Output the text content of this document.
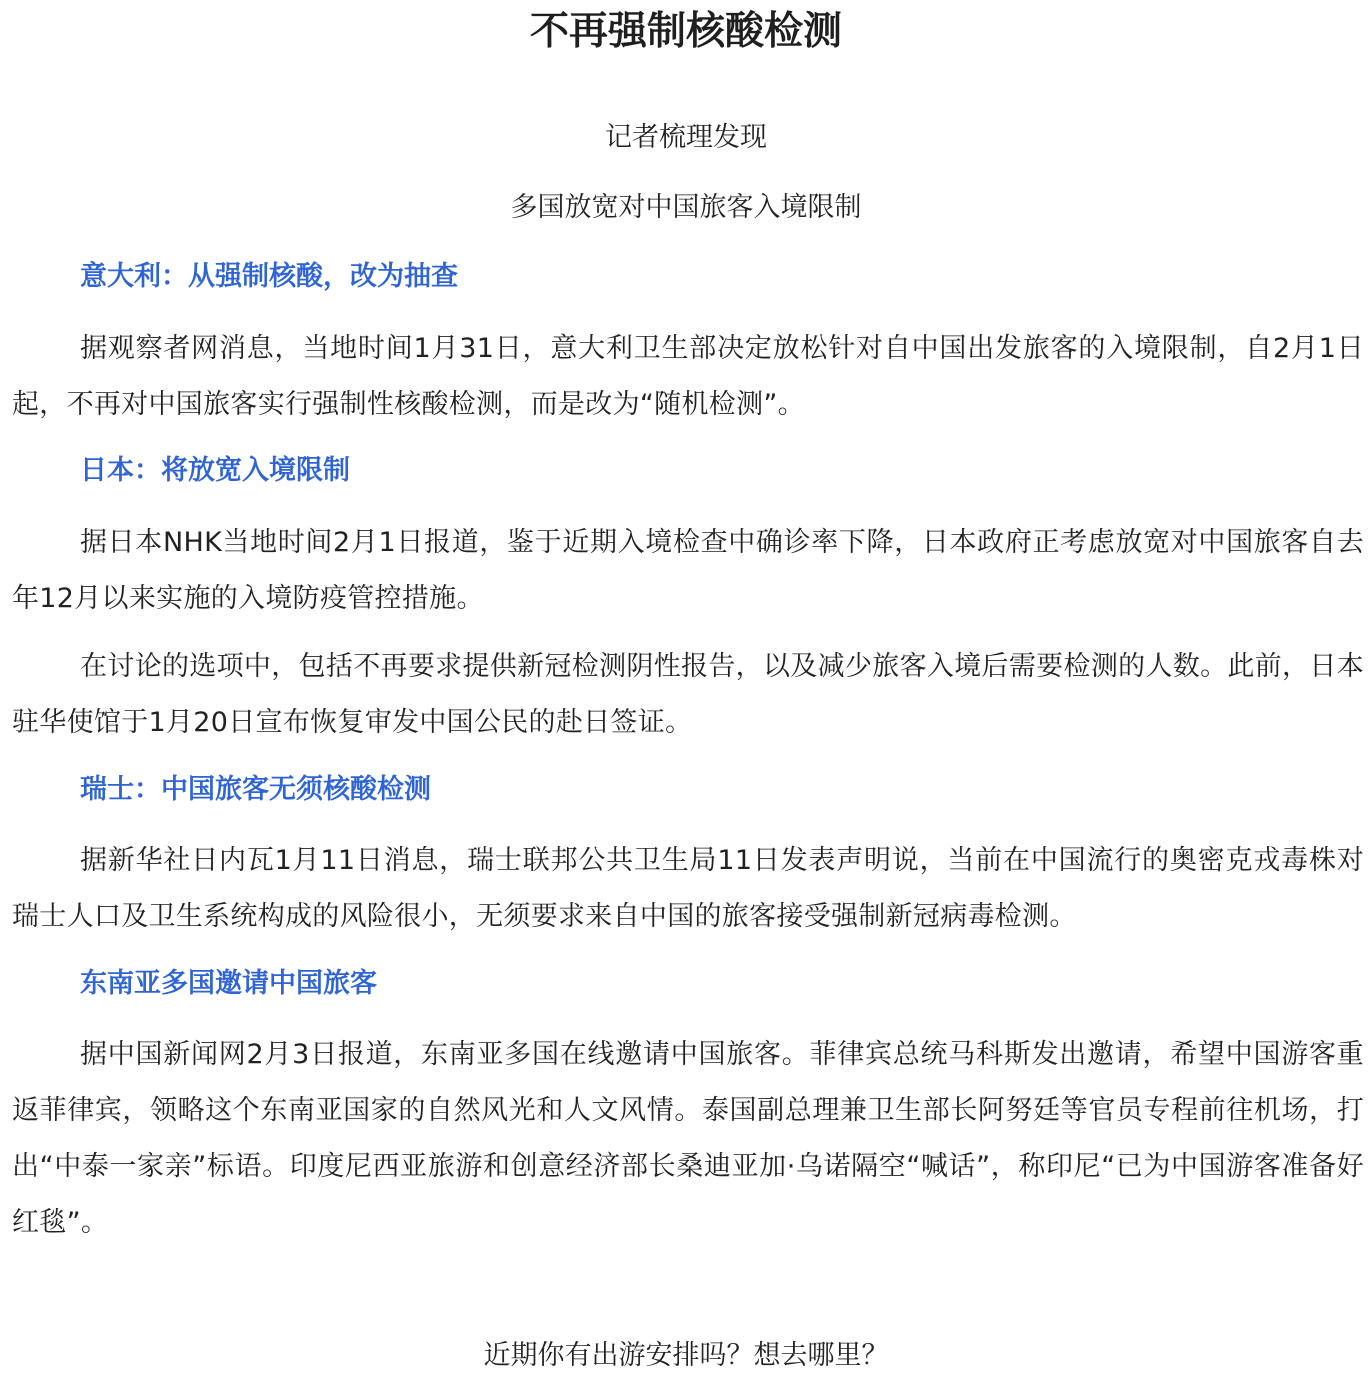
不再强制核酸检测

记者梳理发现

多国放宽对中国旅客入境限制

意大利：从强制核酸，改为抽查

据观察者网消息，当地时间1月31日，意大利卫生部决定放松针对自中国出发旅客的入境限制，自2月1日起，不再对中国旅客实行强制性核酸检测，而是改为“随机检测”。

日本：将放宽入境限制

据日本NHK当地时间2月1日报道，鉴于近期入境检查中确诊率下降，日本政府正考虑放宽对中国旅客自去年12月以来实施的入境防疫管控措施。

在讨论的选项中，包括不再要求提供新冠检测阴性报告，以及减少旅客入境后需要检测的人数。此前，日本驻华使馆于1月20日宣布恢复审发中国公民的赴日签证。

瑞士：中国旅客无须核酸检测

据新华社日内瓦1月11日消息，瑞士联邦公共卫生局11日发表声明说，当前在中国流行的奥密克戎毒株对瑞士人口及卫生系统构成的风险很小，无须要求来自中国的旅客接受强制新冠病毒检测。

东南亚多国邀请中国旅客

据中国新闻网2月3日报道，东南亚多国在线邀请中国旅客。菲律宾总统马科斯发出邀请，希望中国游客重返菲律宾，领略这个东南亚国家的自然风光和人文风情。泰国副总理兼卫生部长阿努廷等官员专程前往机场，打出“中泰一家亲”标语。印度尼西亚旅游和创意经济部长桑迪亚加·乌诺隔空“喊话”，称印尼“已为中国游客准备好红毯”。

近期你有出游安排吗？想去哪里？
